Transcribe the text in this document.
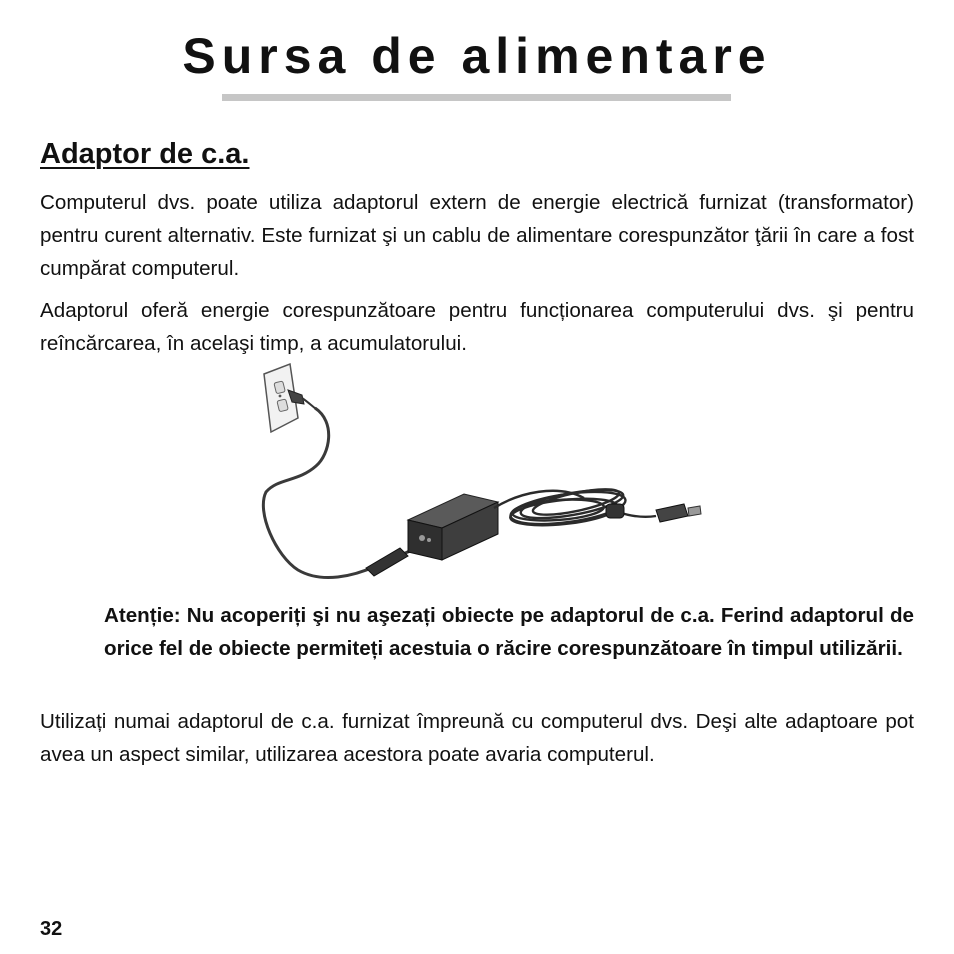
Sursa de alimentare
Adaptor de c.a.

Computerul dvs. poate utiliza adaptorul extern de energie electrică furnizat (transformator) pentru curent alternativ. Este furnizat şi un cablu de alimentare corespunzător ţării în care a fost cumpărat computerul.

Adaptorul oferă energie corespunzătoare pentru funcționarea computerului dvs. şi pentru reîncărcarea, în acelaşi timp, a acumulatorului.

Atenție: Nu acoperiți şi nu aşezați obiecte pe adaptorul de c.a. Ferind adaptorul de orice fel de obiecte permiteți acestuia o răcire corespunzătoare în timpul utilizării.

Utilizați numai adaptorul de c.a. furnizat împreună cu computerul dvs. Deşi alte adaptoare pot avea un aspect similar, utilizarea acestora poate avaria computerul.

32
